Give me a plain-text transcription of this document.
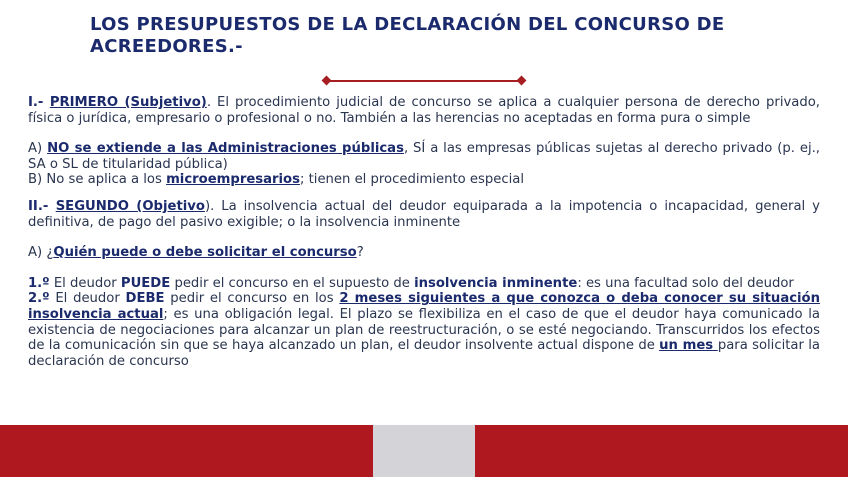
LOS PRESUPUESTOS DE LA DECLARACIÓN DEL CONCURSO DE ACREEDORES.-

I.- PRIMERO (Subjetivo). El procedimiento judicial de concurso se aplica a cualquier persona de derecho privado, física o jurídica, empresario o profesional o no. También a las herencias no aceptadas en forma pura o simple

A) NO se extiende a las Administraciones públicas, SÍ a las empresas públicas sujetas al derecho privado (p. ej., SA o SL de titularidad pública)

B) No se aplica a los microempresarios; tienen el procedimiento especial

II.- SEGUNDO (Objetivo). La insolvencia actual del deudor equiparada a la impotencia o incapacidad, general y definitiva, de pago del pasivo exigible; o la insolvencia inminente

A) ¿Quién puede o debe solicitar el concurso?

1.º El deudor PUEDE pedir el concurso en el supuesto de insolvencia inminente: es una facultad solo del deudor

2.º El deudor DEBE pedir el concurso en los 2 meses siguientes a que conozca o deba conocer su situación insolvencia actual; es una obligación legal. El plazo se flexibiliza en el caso de que el deudor haya comunicado la existencia de negociaciones para alcanzar un plan de reestructuración, o se esté negociando. Transcurridos los efectos de la comunicación sin que se haya alcanzado un plan, el deudor insolvente actual dispone de un mes para solicitar la declaración de concurso
